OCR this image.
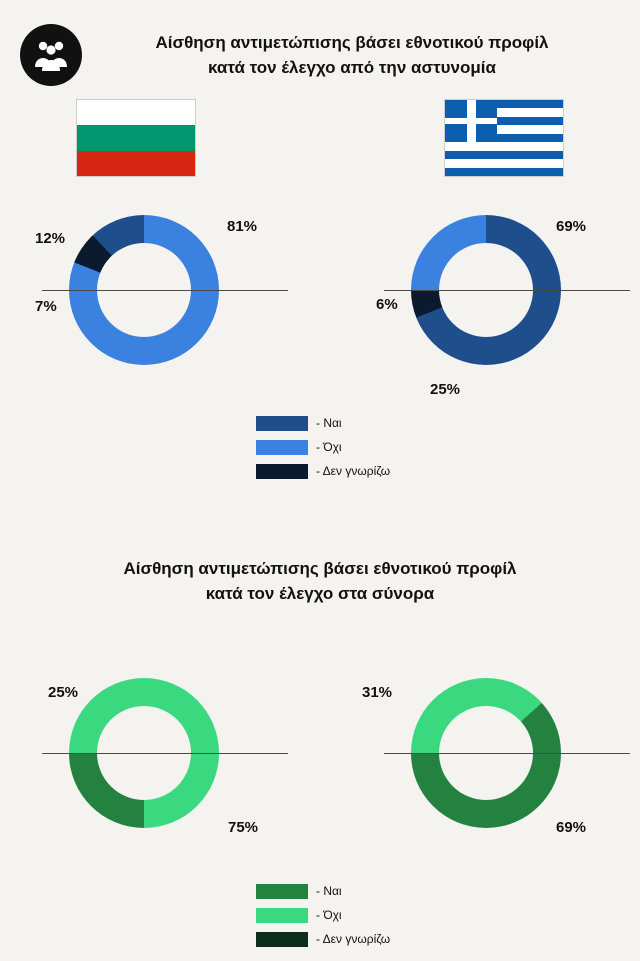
Αίσθηση αντιμετώπισης βάσει εθνοτικού προφίλ
κατά τον έλεγχο από την αστυνομία
12%
81%
7%
69%
6%
25%
- Ναι
- Όχι
- Δεν γνωρίζω
Αίσθηση αντιμετώπισης βάσει εθνοτικού προφίλ
κατά τον έλεγχο στα σύνορα
25%
75%
31%
69%
- Ναι
- Όχι
- Δεν γνωρίζω
